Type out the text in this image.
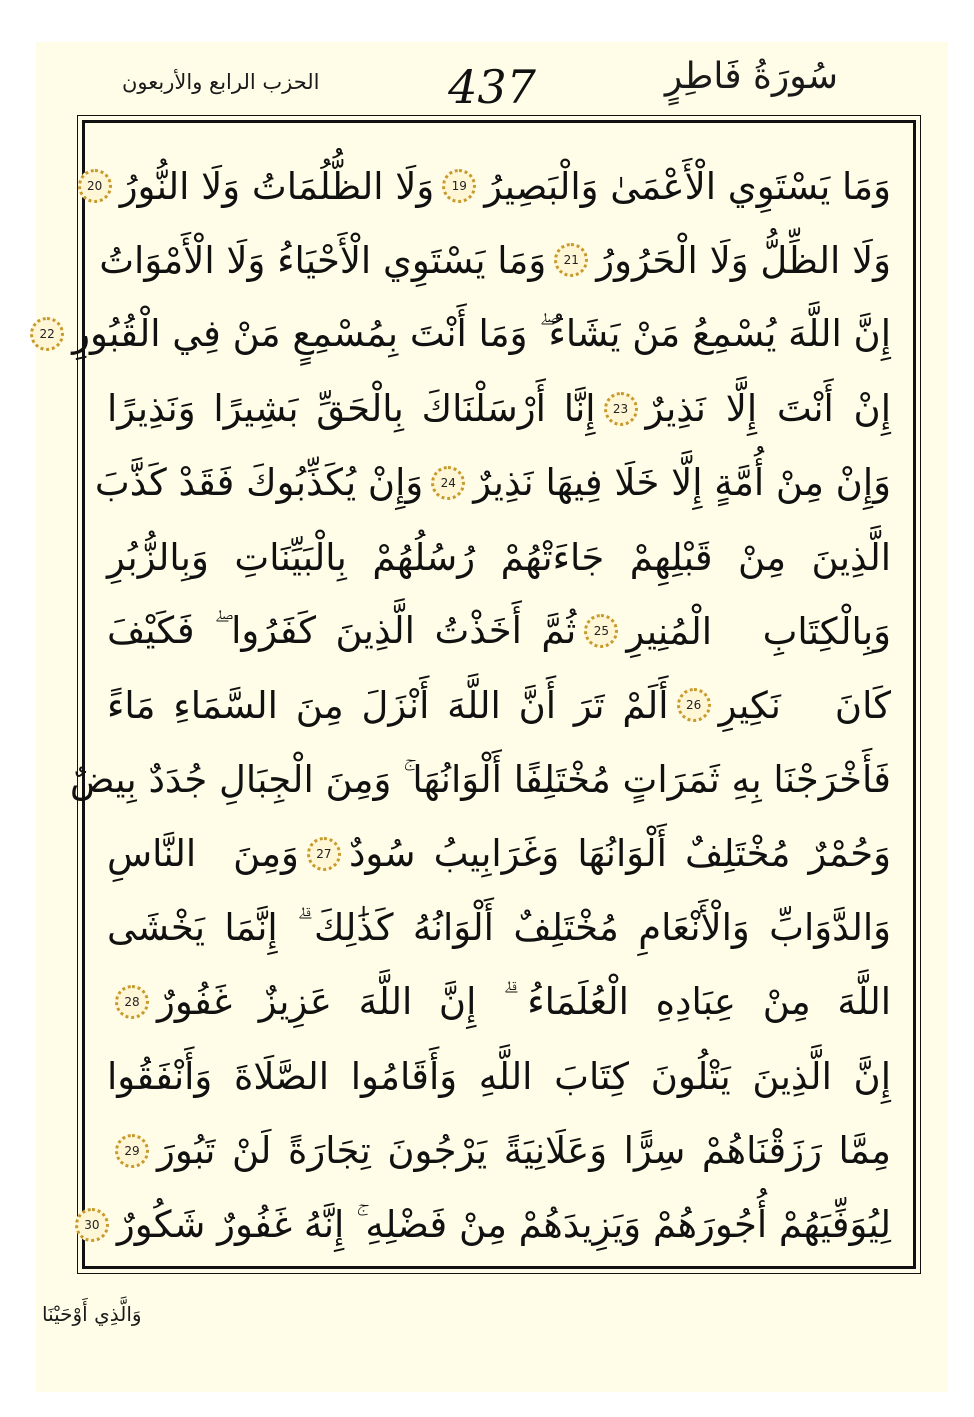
سُورَةُ فَاطِرٍ
437
الحزب الرابع والأربعون
وَمَا يَسْتَوِي الْأَعْمَىٰ وَالْبَصِيرُ
19
وَلَا الظُّلُمَاتُ وَلَا النُّورُ
20
وَلَا الظِّلُّ وَلَا الْحَرُورُ
21
وَمَا يَسْتَوِي الْأَحْيَاءُ وَلَا الْأَمْوَاتُ
إِنَّ اللَّهَ يُسْمِعُ مَنْ يَشَاءُ ۖ وَمَا أَنْتَ بِمُسْمِعٍ مَنْ فِي الْقُبُورِ
22
إِنْ أَنْتَ إِلَّا نَذِيرٌ
23
إِنَّا أَرْسَلْنَاكَ بِالْحَقِّ بَشِيرًا وَنَذِيرًا
وَإِنْ مِنْ أُمَّةٍ إِلَّا خَلَا فِيهَا نَذِيرٌ
24
وَإِنْ يُكَذِّبُوكَ فَقَدْ كَذَّبَ
الَّذِينَ مِنْ قَبْلِهِمْ جَاءَتْهُمْ رُسُلُهُمْ بِالْبَيِّنَاتِ وَبِالزُّبُرِ
وَبِالْكِتَابِ الْمُنِيرِ
25
ثُمَّ أَخَذْتُ الَّذِينَ كَفَرُوا ۖ فَكَيْفَ
كَانَ نَكِيرِ
26
أَلَمْ تَرَ أَنَّ اللَّهَ أَنْزَلَ مِنَ السَّمَاءِ مَاءً
فَأَخْرَجْنَا بِهِ ثَمَرَاتٍ مُخْتَلِفًا أَلْوَانُهَا ۚ وَمِنَ الْجِبَالِ جُدَدٌ بِيضٌ
وَحُمْرٌ مُخْتَلِفٌ أَلْوَانُهَا وَغَرَابِيبُ سُودٌ
27
وَمِنَ النَّاسِ
وَالدَّوَابِّ وَالْأَنْعَامِ مُخْتَلِفٌ أَلْوَانُهُ كَذَٰلِكَ ۗ إِنَّمَا يَخْشَى
اللَّهَ مِنْ عِبَادِهِ الْعُلَمَاءُ ۗ إِنَّ اللَّهَ عَزِيزٌ غَفُورٌ
28
إِنَّ الَّذِينَ يَتْلُونَ كِتَابَ اللَّهِ وَأَقَامُوا الصَّلَاةَ وَأَنْفَقُوا
مِمَّا رَزَقْنَاهُمْ سِرًّا وَعَلَانِيَةً يَرْجُونَ تِجَارَةً لَنْ تَبُورَ
29
لِيُوَفِّيَهُمْ أُجُورَهُمْ وَيَزِيدَهُمْ مِنْ فَضْلِهِ ۚ إِنَّهُ غَفُورٌ شَكُورٌ
30
وَالَّذِي أَوْحَيْنَا
